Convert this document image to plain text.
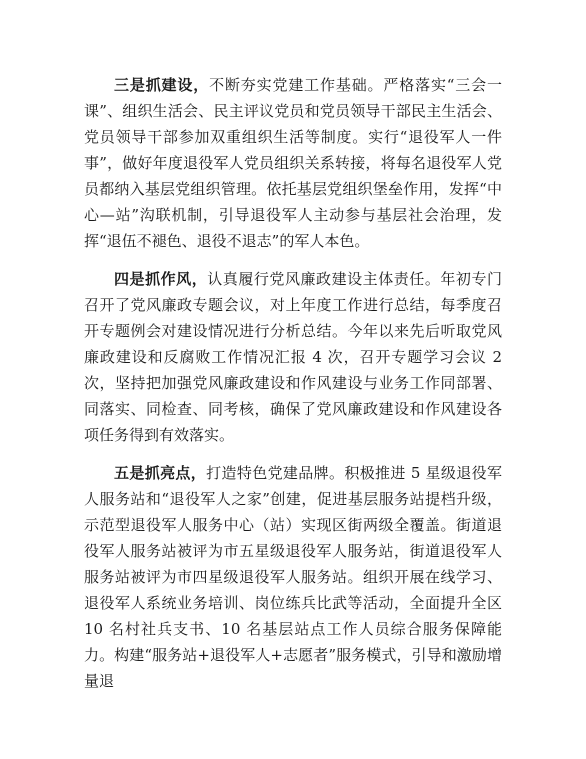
三是抓建设，不断夯实党建工作基础。严格落实“三会一课”、组织生活会、民主评议党员和党员领导干部民主生活会、党员领导干部参加双重组织生活等制度。实行“退役军人一件事”，做好年度退役军人党员组织关系转接，将每名退役军人党员都纳入基层党组织管理。依托基层党组织堡垒作用，发挥“中心—站”沟联机制，引导退役军人主动参与基层社会治理，发挥“退伍不褪色、退役不退志”的军人本色。

四是抓作风，认真履行党风廉政建设主体责任。年初专门召开了党风廉政专题会议，对上年度工作进行总结，每季度召开专题例会对建设情况进行分析总结。今年以来先后听取党风廉政建设和反腐败工作情况汇报 4 次，召开专题学习会议 2 次，坚持把加强党风廉政建设和作风建设与业务工作同部署、同落实、同检查、同考核，确保了党风廉政建设和作风建设各项任务得到有效落实。

五是抓亮点，打造特色党建品牌。积极推进 5 星级退役军人服务站和“退役军人之家”创建，促进基层服务站提档升级，示范型退役军人服务中心（站）实现区街两级全覆盖。街道退役军人服务站被评为市五星级退役军人服务站，街道退役军人服务站被评为市四星级退役军人服务站。组织开展在线学习、退役军人系统业务培训、岗位练兵比武等活动，全面提升全区 10 名村社兵支书、10 名基层站点工作人员综合服务保障能力。构建“服务站+退役军人+志愿者”服务模式，引导和激励增量退
